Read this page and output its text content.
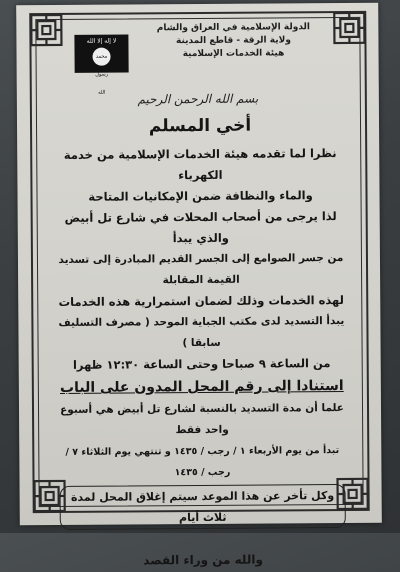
لا إله إلا الله
محمد رسول الله
الدولة الإسلامية في العراق والشام
ولاية الرقة - قاطع المدينة
هيئة الخدمات الإسلامية
بسم الله الرحمن الرحيم
أخي المسلم
نظرا لما تقدمه هيئة الخدمات الإسلامية من خدمة الكهرباء
والماء والنظافة ضمن الإمكانيات المتاحة
لذا يرجى من أصحاب المحلات في شارع تل أبيض والذي يبدأ
من جسر الصوامع إلى الجسر القديم المبادرة إلى تسديد القيمة المقابلة
لهذه الخدمات وذلك لضمان استمرارية هذه الخدمات
يبدأ التسديد لدى مكتب الجباية الموحد ( مصرف التسليف سابقا )
من الساعة ٩ صباحا وحتى الساعة ١٢:٣٠ ظهرا
استنادا إلى رقم المحل المدون على الباب
علما أن مدة التسديد بالنسبة لشارع تل أبيض هي أسبوع واحد فقط
تبدأ من يوم الأربعاء ١ / رجب / ١٤٣٥ و تنتهي يوم الثلاثاء ٧ / رجب / ١٤٣٥
وكل تأخر عن هذا الموعد سيتم إغلاق المحل لمدة ثلاث أيام
والله من وراء القصد
